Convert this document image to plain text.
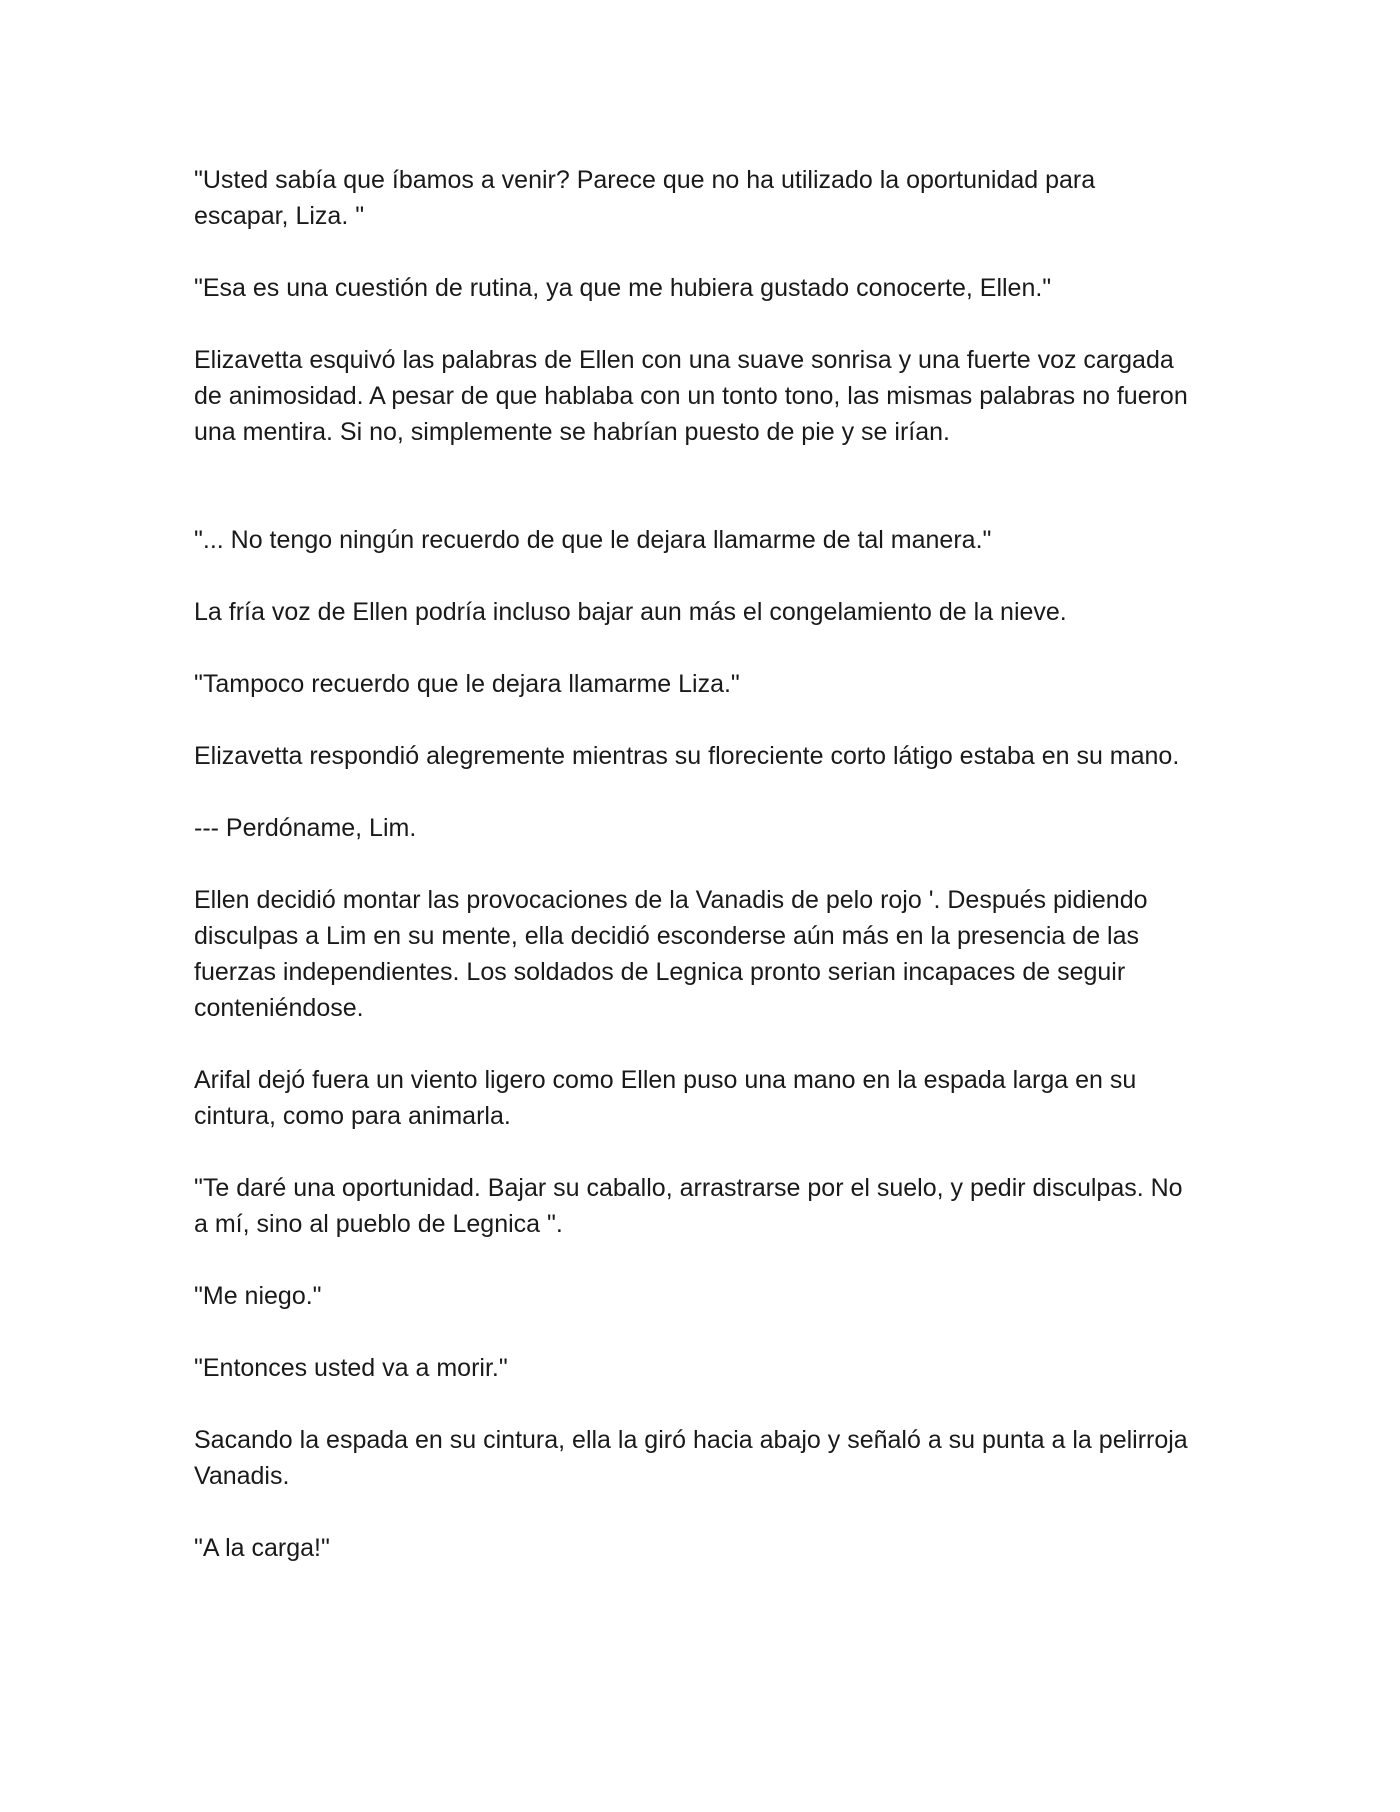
"Usted sabía que íbamos a venir? Parece que no ha utilizado la oportunidad para escapar, Liza. "

"Esa es una cuestión de rutina, ya que me hubiera gustado conocerte, Ellen."

Elizavetta esquivó las palabras de Ellen con una suave sonrisa y una fuerte voz cargada de animosidad. A pesar de que hablaba con un tonto tono, las mismas palabras no fueron una mentira. Si no, simplemente se habrían puesto de pie y se irían.

"... No tengo ningún recuerdo de que le dejara llamarme de tal manera."

La fría voz de Ellen podría incluso bajar aun más el congelamiento de la nieve.

"Tampoco recuerdo que le dejara llamarme Liza."

Elizavetta respondió alegremente mientras su floreciente corto látigo estaba en su mano.

--- Perdóname, Lim.

Ellen decidió montar las provocaciones de la Vanadis de pelo rojo '. Después pidiendo disculpas a Lim en su mente, ella decidió esconderse aún más en la presencia de las fuerzas independientes. Los soldados de Legnica pronto serian incapaces de seguir conteniéndose.

Arifal dejó fuera un viento ligero como Ellen puso una mano en la espada larga en su cintura, como para animarla.

"Te daré una oportunidad. Bajar su caballo, arrastrarse por el suelo, y pedir disculpas. No a mí, sino al pueblo de Legnica ".

"Me niego."

"Entonces usted va a morir."

Sacando la espada en su cintura, ella la giró hacia abajo y señaló a su punta a la pelirroja Vanadis.

"A la carga!"
